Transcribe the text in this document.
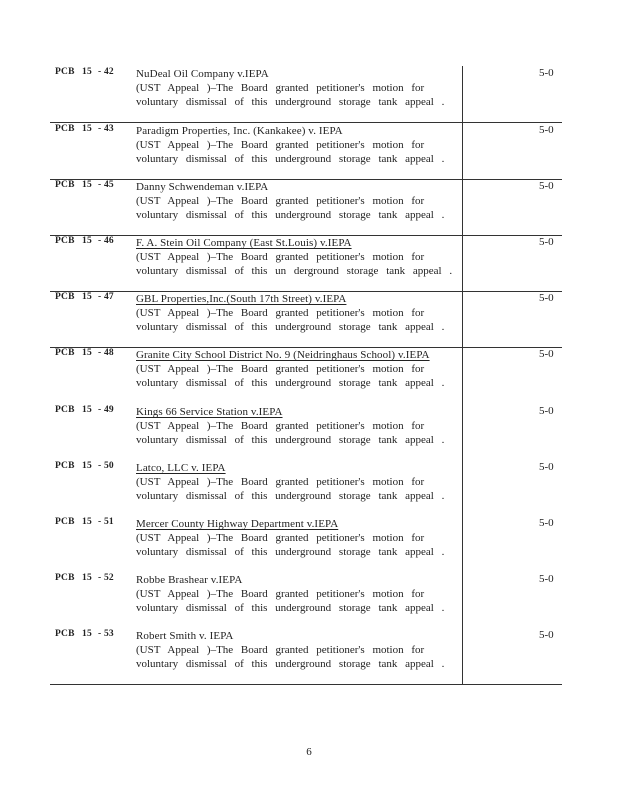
PCB 15 - 42 NuDeal Oil Company v.IEPA
(UST Appeal )–The Board granted petitioner's motion for
voluntary dismissal of this underground storage tank appeal .
5-0
PCB 15 - 43 Paradigm Properties, Inc. (Kankakee) v. IEPA
(UST Appeal )–The Board granted petitioner's motion for
voluntary dismissal of this underground storage tank appeal .
5-0
PCB 15 - 45 Danny Schwendeman v.IEPA
(UST Appeal )–The Board granted petitioner's motion for
voluntary dismissal of this underground storage tank appeal .
5-0
PCB 15 - 46 F. A. Stein Oil Company (East St.Louis) v.IEPA
(UST Appeal )–The Board granted petitioner's motion for
voluntary dismissal of this un derground storage tank appeal .
5-0
PCB 15 - 47 GBL Properties,Inc.(South 17th Street) v.IEPA
(UST Appeal )–The Board granted petitioner's motion for
voluntary dismissal of this underground storage tank appeal .
5-0
PCB 15 - 48 Granite City School District No. 9 (Neidringhaus School) v.IEPA
(UST Appeal )–The Board granted petitioner's motion for
voluntary dismissal of this underground storage tank appeal .
5-0
PCB 15 - 49 Kings 66 Service Station v.IEPA
(UST Appeal )–The Board granted petitioner's motion for
voluntary dismissal of this underground storage tank appeal .
5-0
PCB 15 - 50 Latco, LLC v. IEPA
(UST Appeal )–The Board granted petitioner's motion for
voluntary dismissal of this underground storage tank appeal .
5-0
PCB 15 - 51 Mercer County Highway Department v.IEPA
(UST Appeal )–The Board granted petitioner's motion for
voluntary dismissal of this underground storage tank appeal .
5-0
PCB 15 - 52 Robbe Brashear v.IEPA
(UST Appeal )–The Board granted petitioner's motion for
voluntary dismissal of this underground storage tank appeal .
5-0
PCB 15 - 53 Robert Smith v. IEPA
(UST Appeal )–The Board granted petitioner's motion for
voluntary dismissal of this underground storage tank appeal .
5-0
6
